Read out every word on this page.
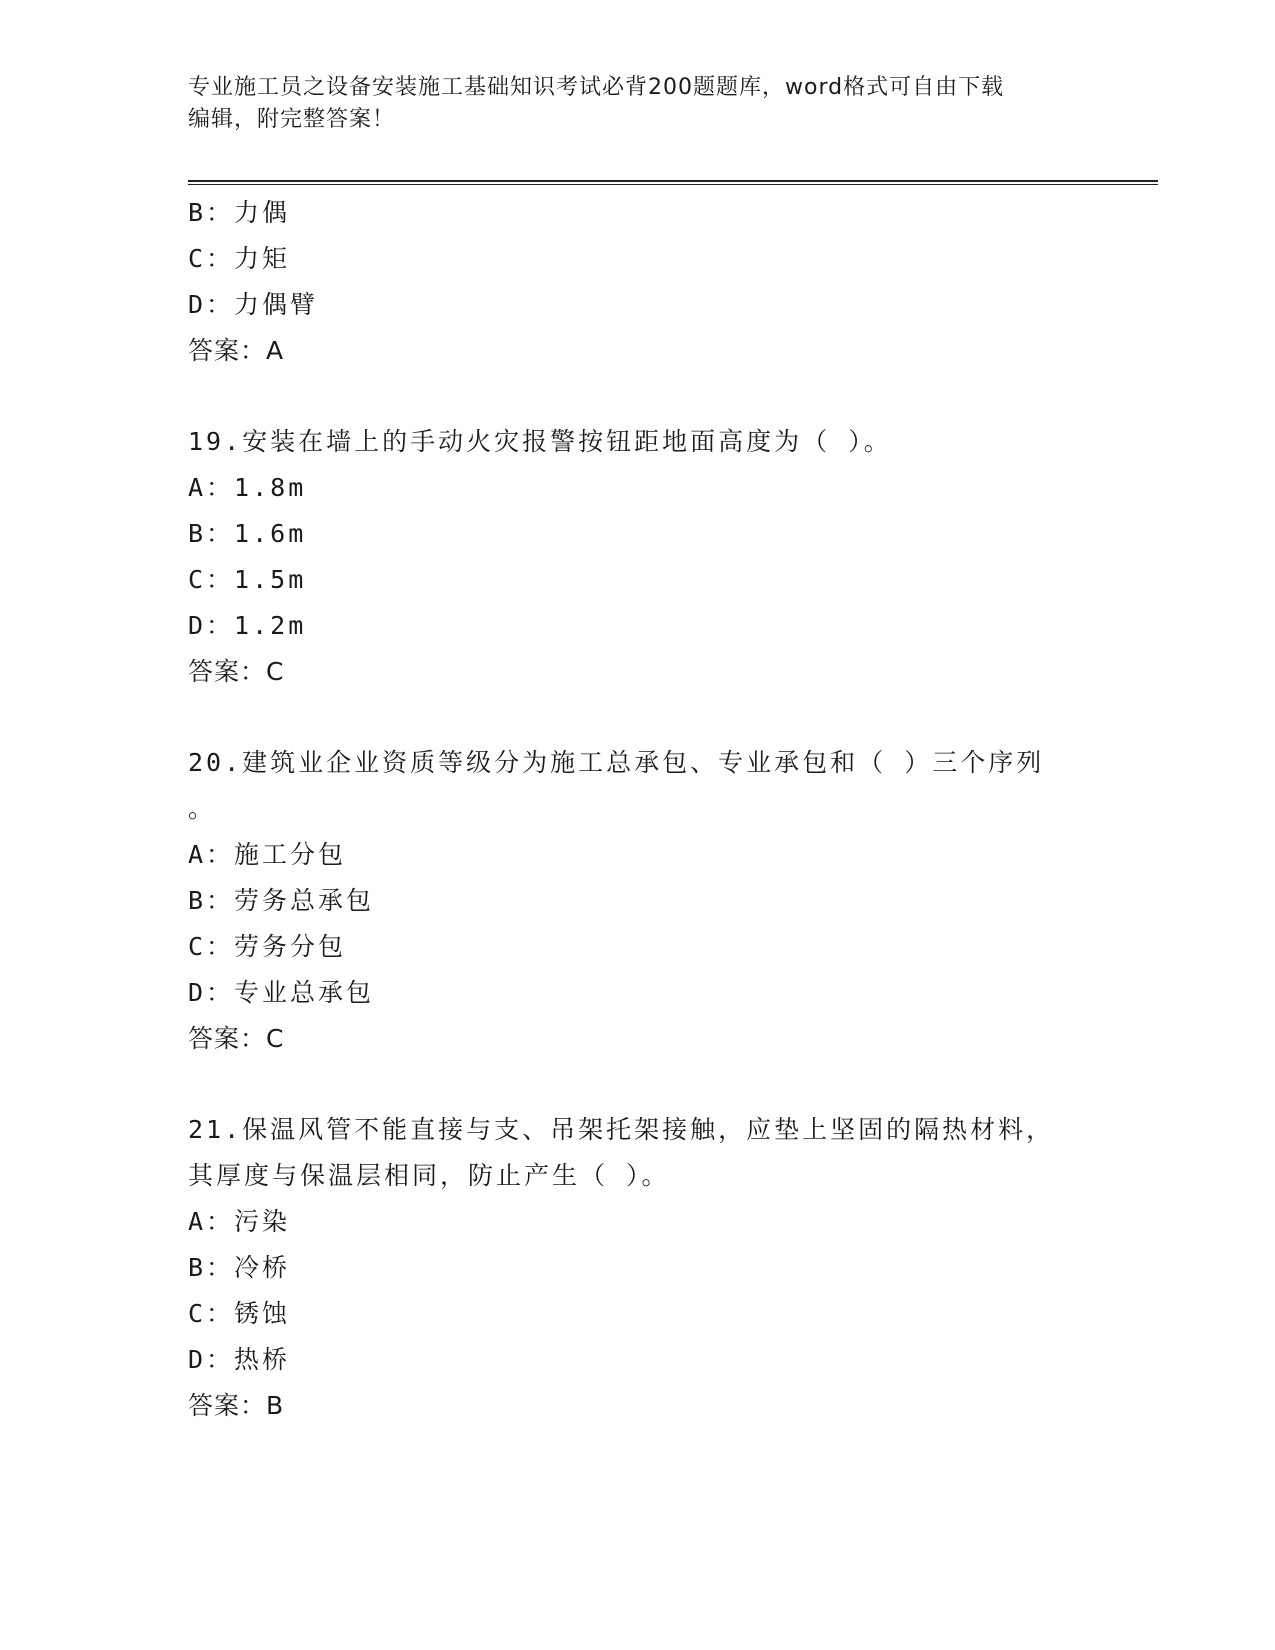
专业施工员之设备安装施工基础知识考试必背200题题库，word格式可自由下载
编辑，附完整答案！
B：力偶
C：力矩
D：力偶臂
答案：A
19.安装在墙上的手动火灾报警按钮距地面高度为（ ）。
A：1.8m
B：1.6m
C：1.5m
D：1.2m
答案：C
20.建筑业企业资质等级分为施工总承包、专业承包和（ ）三个序列
。
A：施工分包
B：劳务总承包
C：劳务分包
D：专业总承包
答案：C
21.保温风管不能直接与支、吊架托架接触，应垫上坚固的隔热材料，
其厚度与保温层相同，防止产生（ ）。
A：污染
B：冷桥
C：锈蚀
D：热桥
答案：B
